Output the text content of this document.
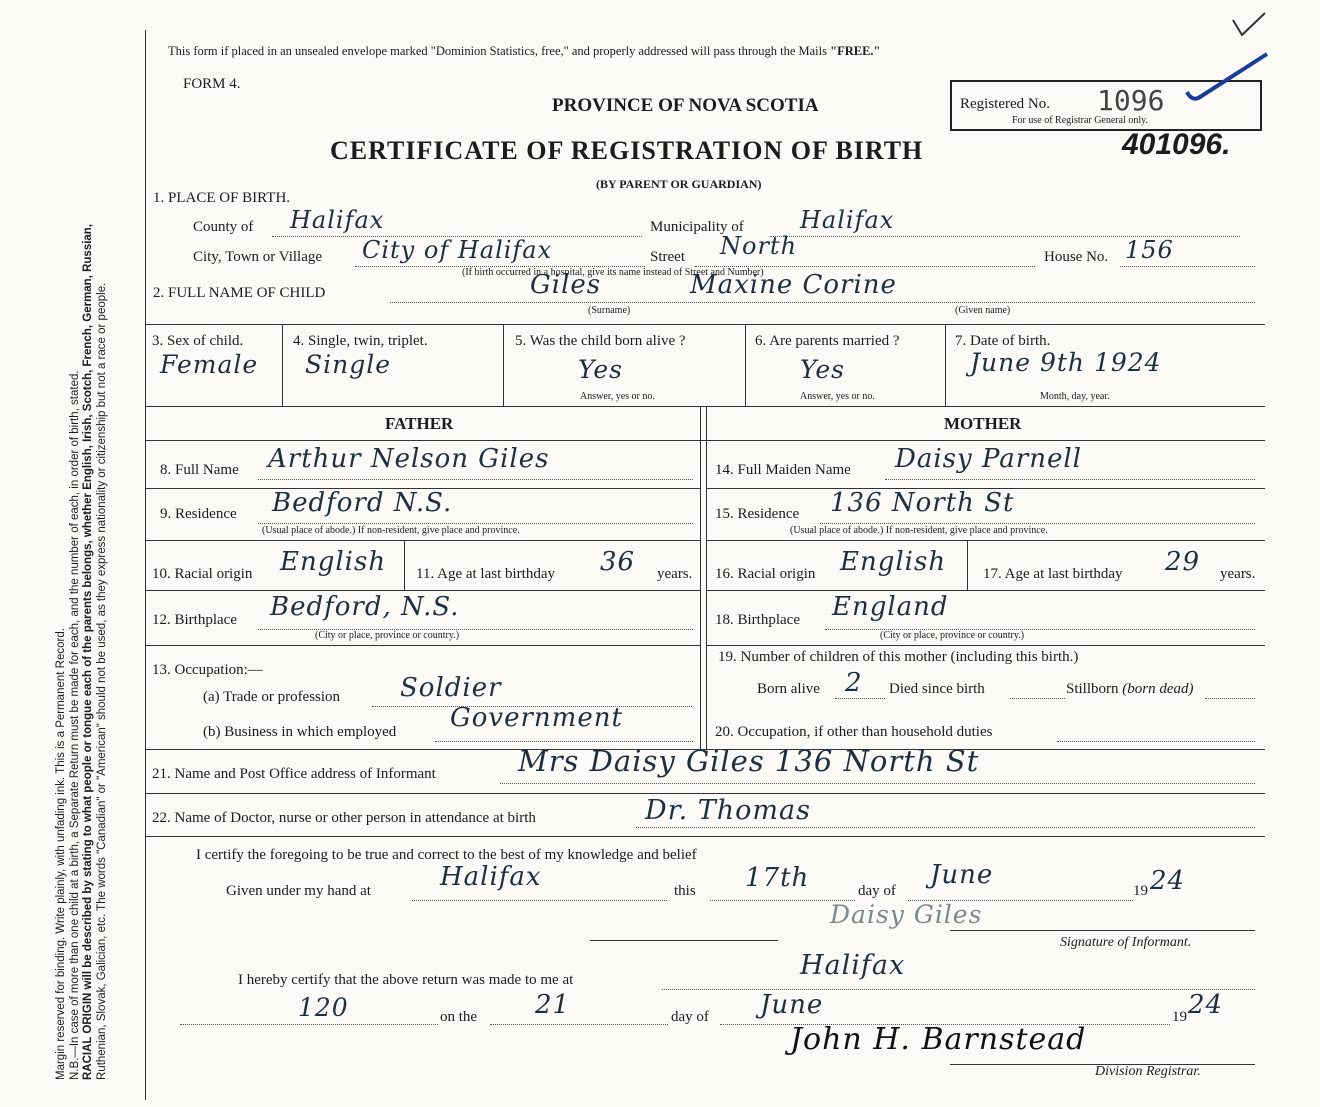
Margin reserved for binding. Write plainly, with unfading ink. This is a Permanent Record. N.B.—In case of more than one child at a birth, a Separate Return must be made for each, and the number of each, in order of birth, stated. RACIAL ORIGIN will be described by stating to what people or tongue each of the parents belongs, whether English, Irish, Scotch, French, German, Russian, Ruthenian, Slovak, Galician, etc. The words "Canadian" or "American" should not be used, as they express nationality or citizenship but not a race or people.
This form if placed in an unsealed envelope marked "Dominion Statistics, free," and properly addressed will pass through the Mails "FREE."
FORM 4.
PROVINCE OF NOVA SCOTIA
CERTIFICATE OF REGISTRATION OF BIRTH
(BY PARENT OR GUARDIAN)
Registered No. 1096
For use of Registrar General only.
401096.
1. PLACE OF BIRTH.
County of Halifax	Municipality of Halifax
City, Town or Village City of Halifax	Street North	House No. 156
(If birth occurred in a hospital, give its name instead of Street and Number)
2. FULL NAME OF CHILD	Giles	Maxine Corine
(Surname)	(Given name)
3. Sex of child.
Female
4. Single, twin, triplet.
Single
5. Was the child born alive ?
Yes
Answer, yes or no.
6. Are parents married ?
Yes
Answer, yes or no.
7. Date of birth.
June 9th 1924
Month, day, year.
FATHER	MOTHER
8. Full Name Arthur Nelson Giles	14. Full Maiden Name Daisy Parnell
9. Residence Bedford N.S.
(Usual place of abode.) If non-resident, give place and province.
15. Residence 136 North St
(Usual place of abode.) If non-resident, give place and province.
10. Racial origin English 11. Age at last birthday 36 years. 16. Racial origin English 17. Age at last birthday 29 years.
12. Birthplace Bedford, N.S.
(City or place, province or country.)
18. Birthplace England
(City or place, province or country.)
13. Occupation:—
(a) Trade or profession Soldier
(b) Business in which employed Government
19. Number of children of this mother (including this birth.)
Born alive 2 Died since birth	Stillborn (born dead)
20. Occupation, if other than household duties
21. Name and Post Office address of Informant	Mrs Daisy Giles 136 North St
22. Name of Doctor, nurse or other person in attendance at birth	Dr. Thomas
I certify the foregoing to be true and correct to the best of my knowledge and belief
Given under my hand at	Halifax	this 17th	day of
June
19 24
Daisy Giles
Signature of Informant.
I hereby certify that the above return was made to me at	Halifax
120	on the 21	day of June	19 24
John H. Barnstead
Division Registrar.
